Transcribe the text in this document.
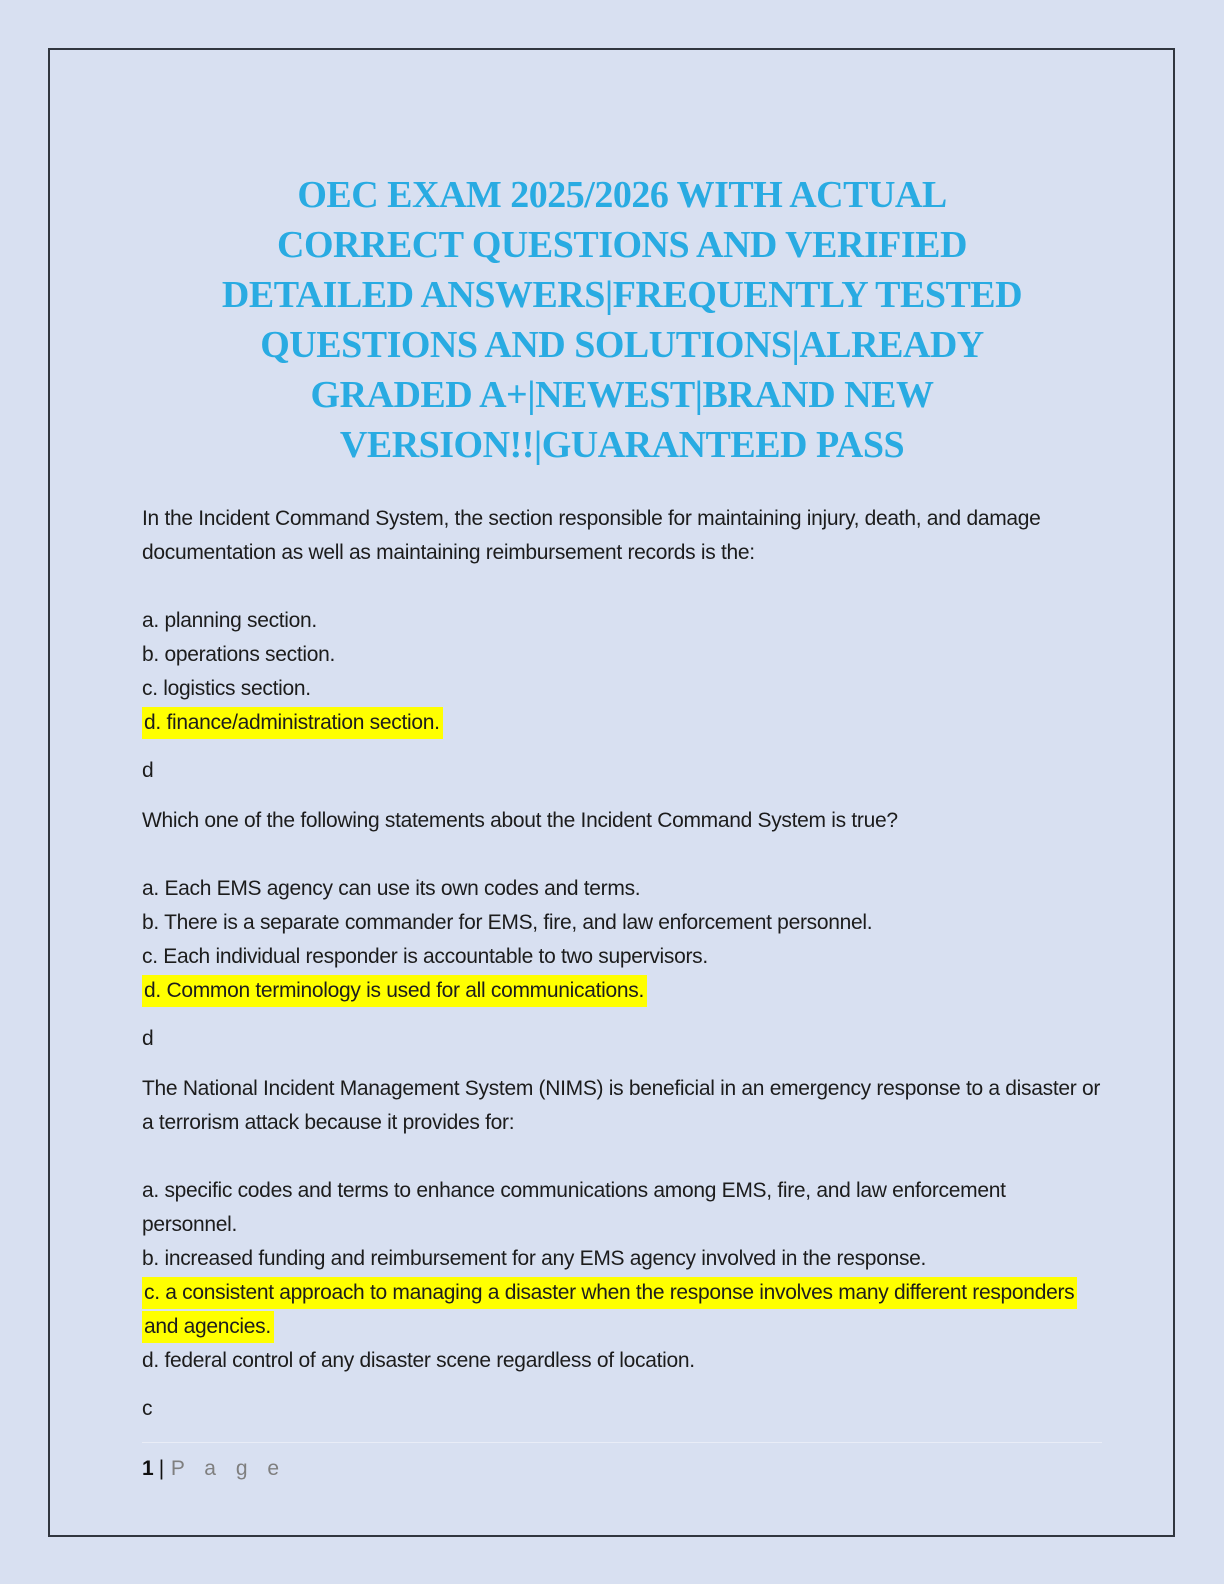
OEC EXAM 2025/2026 WITH ACTUAL
CORRECT QUESTIONS AND VERIFIED
DETAILED ANSWERS|FREQUENTLY TESTED
QUESTIONS AND SOLUTIONS|ALREADY
GRADED A+|NEWEST|BRAND NEW
VERSION!!|GUARANTEED PASS
In the Incident Command System, the section responsible for maintaining injury, death, and damage documentation as well as maintaining reimbursement records is the:
a. planning section.
b. operations section.
c. logistics section.
d. finance/administration section.
d
Which one of the following statements about the Incident Command System is true?
a. Each EMS agency can use its own codes and terms.
b. There is a separate commander for EMS, fire, and law enforcement personnel.
c. Each individual responder is accountable to two supervisors.
d. Common terminology is used for all communications.
d
The National Incident Management System (NIMS) is beneficial in an emergency response to a disaster or a terrorism attack because it provides for:
a. specific codes and terms to enhance communications among EMS, fire, and law enforcement personnel.
b. increased funding and reimbursement for any EMS agency involved in the response.
c. a consistent approach to managing a disaster when the response involves many different responders and agencies.
d. federal control of any disaster scene regardless of location.
c
1 | P a g e
